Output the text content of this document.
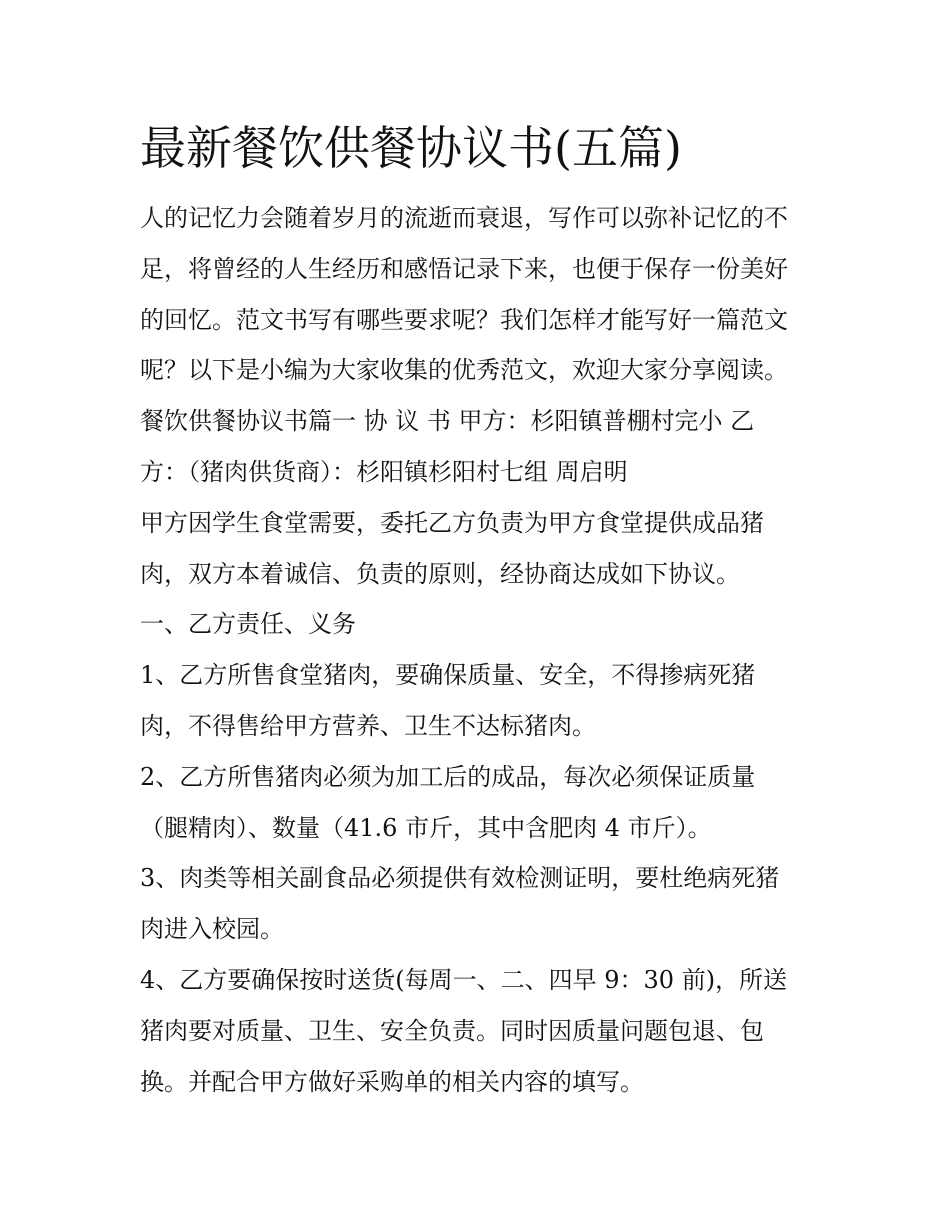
最新餐饮供餐协议书(五篇)
人的记忆力会随着岁月的流逝而衰退，写作可以弥补记忆的不
足，将曾经的人生经历和感悟记录下来，也便于保存一份美好
的回忆。范文书写有哪些要求呢？我们怎样才能写好一篇范文
呢？以下是小编为大家收集的优秀范文，欢迎大家分享阅读。
餐饮供餐协议书篇一 协 议 书 甲方：杉阳镇普棚村完小 乙
方：（猪肉供货商）：杉阳镇杉阳村七组 周启明
甲方因学生食堂需要，委托乙方负责为甲方食堂提供成品猪
肉，双方本着诚信、负责的原则，经协商达成如下协议。
一、乙方责任、义务
1、乙方所售食堂猪肉，要确保质量、安全，不得掺病死猪
肉，不得售给甲方营养、卫生不达标猪肉。
2、乙方所售猪肉必须为加工后的成品，每次必须保证质量
（腿精肉）、数量（41.6 市斤，其中含肥肉 4 市斤）。
3、肉类等相关副食品必须提供有效检测证明，要杜绝病死猪
肉进入校园。
4、乙方要确保按时送货(每周一、二、四早 9：30 前)，所送
猪肉要对质量、卫生、安全负责。同时因质量问题包退、包
换。并配合甲方做好采购单的相关内容的填写。
